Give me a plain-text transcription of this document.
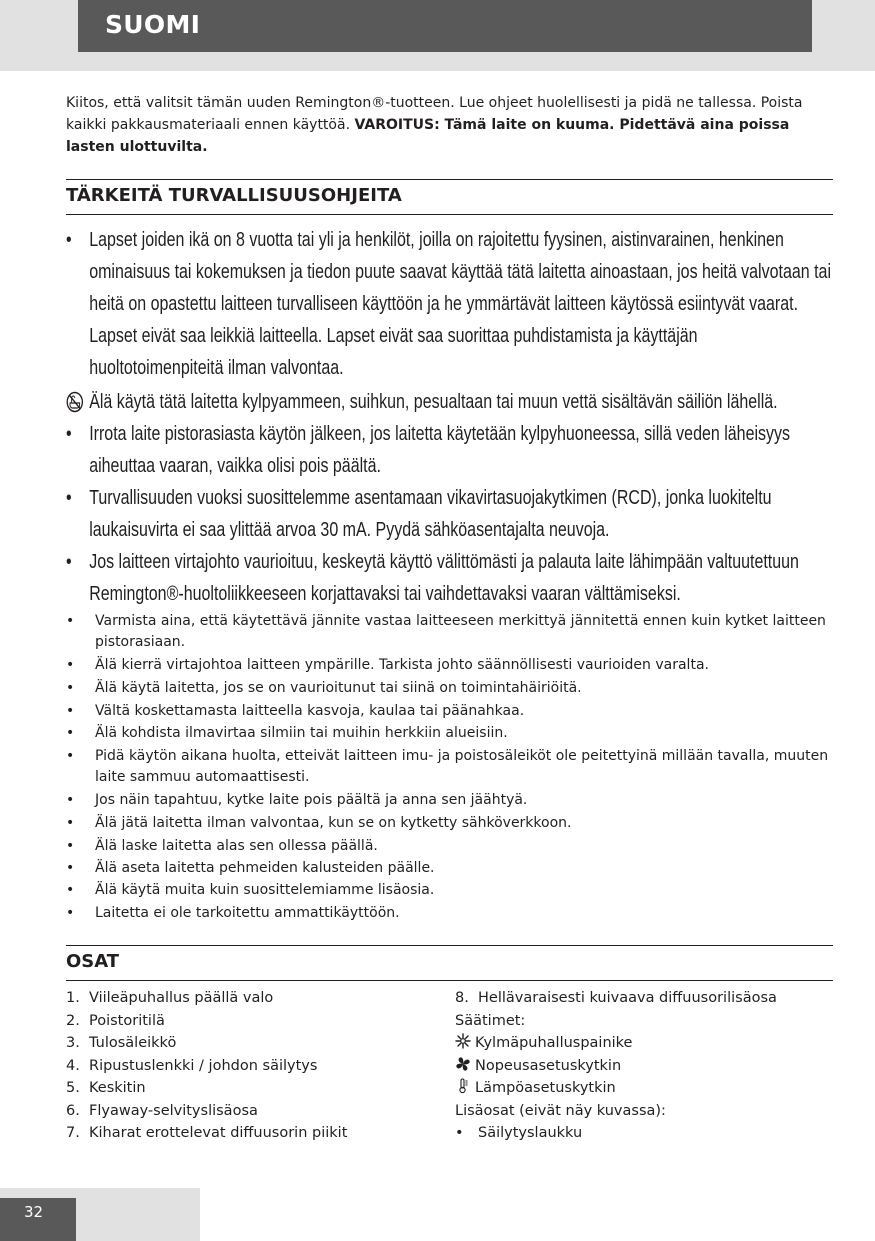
SUOMI
Kiitos, että valitsit tämän uuden Remington®-tuotteen. Lue ohjeet huolellisesti ja pidä ne tallessa. Poista kaikki pakkausmateriaali ennen käyttöä. VAROITUS: Tämä laite on kuuma. Pidettävä aina poissa lasten ulottuvilta.
TÄRKEITÄ TURVALLISUUSOHJEITA
• Lapset joiden ikä on 8 vuotta tai yli ja henkilöt, joilla on rajoitettu fyysinen, aistinvarainen, henkinen ominaisuus tai kokemuksen ja tiedon puute saavat käyttää tätä laitetta ainoastaan, jos heitä valvotaan tai heitä on opastettu laitteen turvalliseen käyttöön ja he ymmärtävät laitteen käytössä esiintyvät vaarat. Lapset eivät saa leikkiä laitteella. Lapset eivät saa suorittaa puhdistamista ja käyttäjän huoltotoimenpiteitä ilman valvontaa.
Älä käytä tätä laitetta kylpyammeen, suihkun, pesualtaan tai muun vettä sisältävän säiliön lähellä.
• Irrota laite pistorasiasta käytön jälkeen, jos laitetta käytetään kylpyhuoneessa, sillä veden läheisyys aiheuttaa vaaran, vaikka olisi pois päältä.
• Turvallisuuden vuoksi suosittelemme asentamaan vikavirtasuojakytkimen (RCD), jonka luokiteltu laukaisuvirta ei saa ylittää arvoa 30 mA. Pyydä sähköasentajalta neuvoja.
• Jos laitteen virtajohto vaurioituu, keskeytä käyttö välittömästi ja palauta laite lähimpään valtuutettuun Remington®-huoltoliikkeeseen korjattavaksi tai vaihdettavaksi vaaran välttämiseksi.
• Varmista aina, että käytettävä jännite vastaa laitteeseen merkittyä jännitettä ennen kuin kytket laitteen pistorasiaan.
• Älä kierrä virtajohtoa laitteen ympärille. Tarkista johto säännöllisesti vaurioiden varalta.
• Älä käytä laitetta, jos se on vaurioitunut tai siinä on toimintahäiriöitä.
• Vältä koskettamasta laitteella kasvoja, kaulaa tai päänahkaa.
• Älä kohdista ilmavirtaa silmiin tai muihin herkkiin alueisiin.
• Pidä käytön aikana huolta, etteivät laitteen imu- ja poistosäleiköt ole peitettyinä millään tavalla, muuten laite sammuu automaattisesti.
• Jos näin tapahtuu, kytke laite pois päältä ja anna sen jäähtyä.
• Älä jätä laitetta ilman valvontaa, kun se on kytketty sähköverkkoon.
• Älä laske laitetta alas sen ollessa päällä.
• Älä aseta laitetta pehmeiden kalusteiden päälle.
• Älä käytä muita kuin suosittelemiamme lisäosia.
• Laitetta ei ole tarkoitettu ammattikäyttöön.
OSAT
1. Viileäpuhallus päällä valo
2. Poistoritilä
3. Tulosäleikkö
4. Ripustuslenkki / johdon säilytys
5. Keskitin
6. Flyaway-selvityslisäosa
7. Kiharat erottelevat diffuusorin piikit
8. Hellävaraisesti kuivaava diffuusorilisäosa
Säätimet:
Kylmäpuhalluspainike
Nopeusasetuskytkin
Lämpöasetuskytkin
Lisäosat (eivät näy kuvassa):
• Säilytyslaukku
32
